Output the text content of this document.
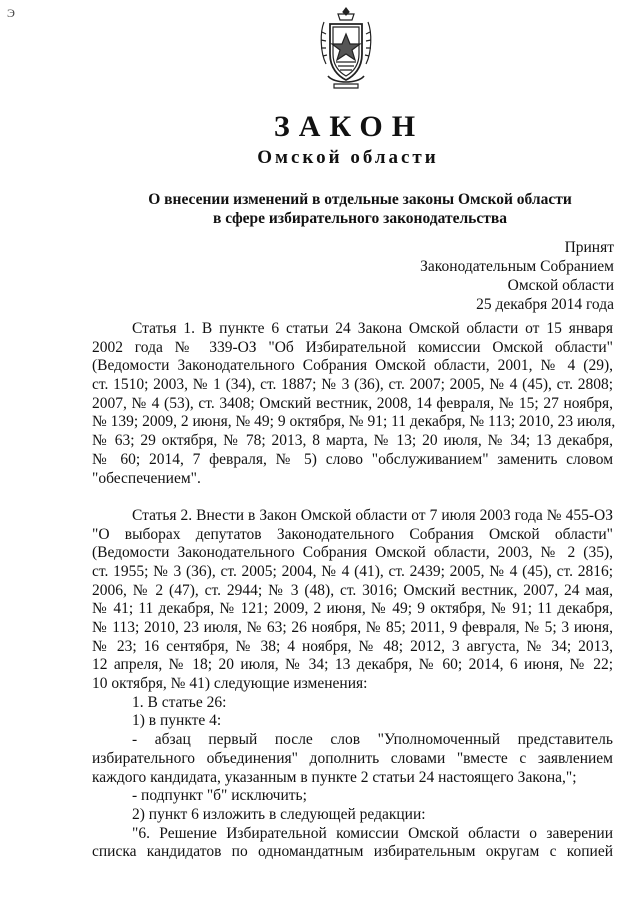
Э
ЗАКОН
Омской области
О внесении изменений в отдельные законы Омской области
в сфере избирательного законодательства
Принят
Законодательным Собранием
Омской области
25 декабря 2014 года
Статья 1. В пункте 6 статьи 24 Закона Омской области от 15 января
2002 года № 339-ОЗ "Об Избирательной комиссии Омской области"
(Ведомости Законодательного Собрания Омской области, 2001, № 4 (29),
ст. 1510; 2003, № 1 (34), ст. 1887; № 3 (36), ст. 2007; 2005, № 4 (45), ст. 2808;
2007, № 4 (53), ст. 3408; Омский вестник, 2008, 14 февраля, № 15; 27 ноября,
№ 139; 2009, 2 июня, № 49; 9 октября, № 91; 11 декабря, № 113; 2010, 23 июля,
№ 63; 29 октября, № 78; 2013, 8 марта, № 13; 20 июля, № 34; 13 декабря,
№ 60; 2014, 7 февраля, № 5) слово "обслуживанием" заменить словом
"обеспечением".
Статья 2. Внести в Закон Омской области от 7 июля 2003 года № 455-ОЗ
"О выборах депутатов Законодательного Собрания Омской области"
(Ведомости Законодательного Собрания Омской области, 2003, № 2 (35),
ст. 1955; № 3 (36), ст. 2005; 2004, № 4 (41), ст. 2439; 2005, № 4 (45), ст. 2816;
2006, № 2 (47), ст. 2944; № 3 (48), ст. 3016; Омский вестник, 2007, 24 мая,
№ 41; 11 декабря, № 121; 2009, 2 июня, № 49; 9 октября, № 91; 11 декабря,
№ 113; 2010, 23 июля, № 63; 26 ноября, № 85; 2011, 9 февраля, № 5; 3 июня,
№ 23; 16 сентября, № 38; 4 ноября, № 48; 2012, 3 августа, № 34; 2013,
12 апреля, № 18; 20 июля, № 34; 13 декабря, № 60; 2014, 6 июня, № 22;
10 октября, № 41) следующие изменения:
1. В статье 26:
1) в пункте 4:
- абзац первый после слов "Уполномоченный представитель
избирательного объединения" дополнить словами "вместе с заявлением
каждого кандидата, указанным в пункте 2 статьи 24 настоящего Закона,";
- подпункт "б" исключить;
2) пункт 6 изложить в следующей редакции:
"6. Решение Избирательной комиссии Омской области о заверении
списка кандидатов по одномандатным избирательным округам с копией
